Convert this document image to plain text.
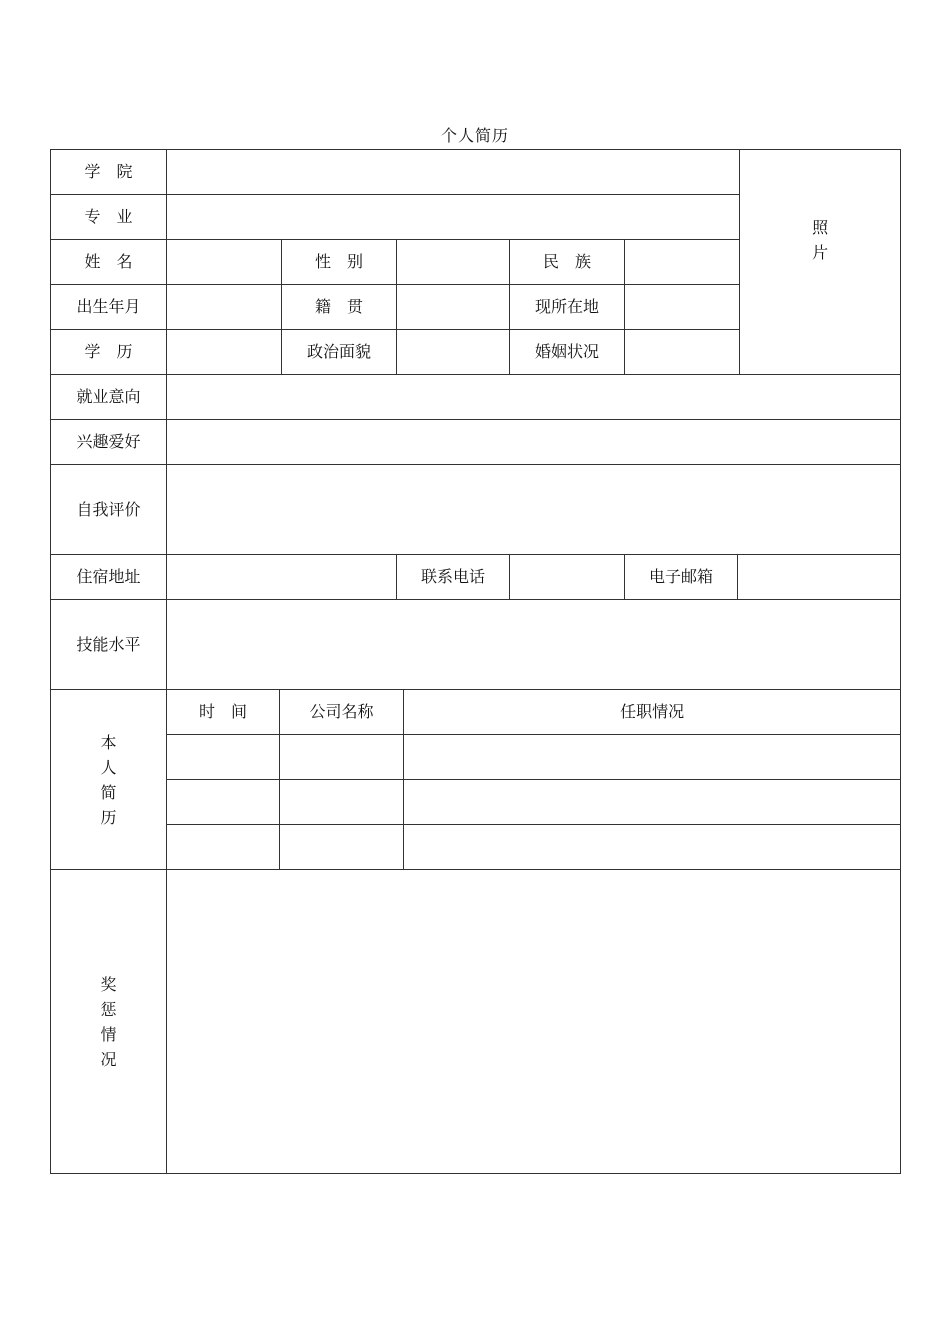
个人简历
学　院									照片
专　业									
姓　名			性　别			民　族			
出生年月			籍　贯			现所在地			
学　历			政治面貌			婚姻状况			
就业意向									
兴趣爱好									
自我评价									
住宿地址				联系电话			电子邮箱		
技能水平									
本人简历	时　间	公司名称			任职情况				

奖惩情况									
